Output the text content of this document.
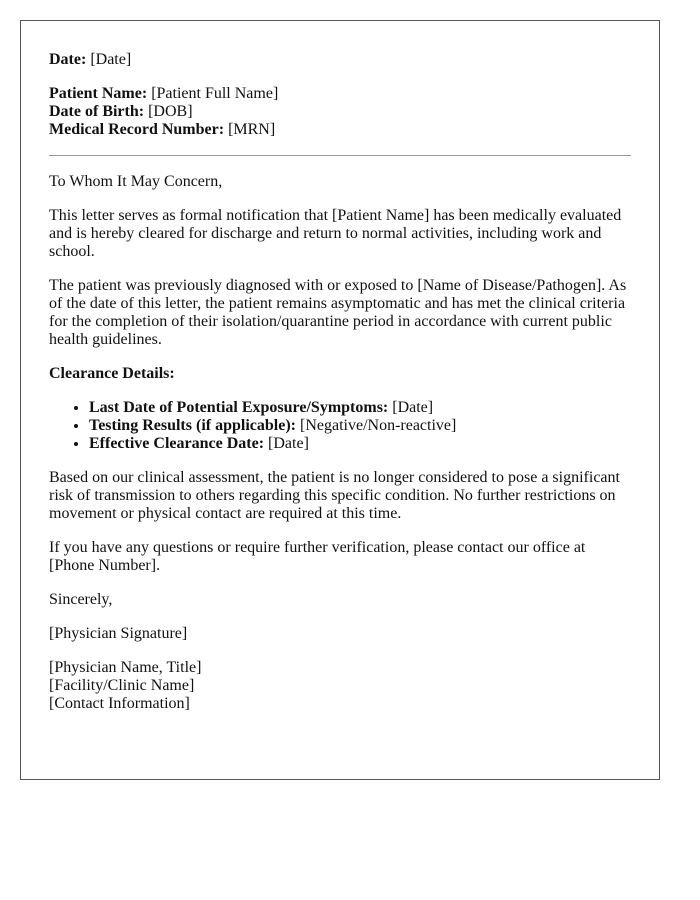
Date: [Date]
Patient Name: [Patient Full Name]
Date of Birth: [DOB]
Medical Record Number: [MRN]

To Whom It May Concern,

This letter serves as formal notification that [Patient Name] has been medically evaluated and is hereby cleared for discharge and return to normal activities, including work and school.

The patient was previously diagnosed with or exposed to [Name of Disease/Pathogen]. As of the date of this letter, the patient remains asymptomatic and has met the clinical criteria for the completion of their isolation/quarantine period in accordance with current public health guidelines.

Clearance Details:
• Last Date of Potential Exposure/Symptoms: [Date]
• Testing Results (if applicable): [Negative/Non-reactive]
• Effective Clearance Date: [Date]

Based on our clinical assessment, the patient is no longer considered to pose a significant risk of transmission to others regarding this specific condition. No further restrictions on movement or physical contact are required at this time.

If you have any questions or require further verification, please contact our office at [Phone Number].

Sincerely,

[Physician Signature]

[Physician Name, Title]

[Facility/Clinic Name]

[Contact Information]
